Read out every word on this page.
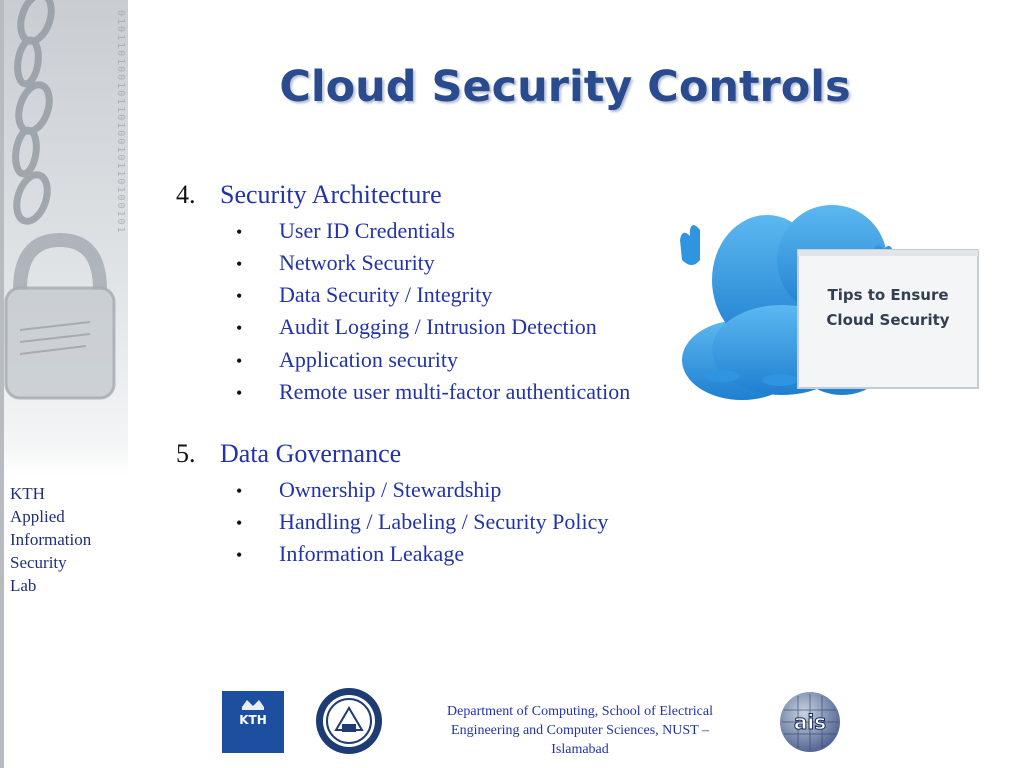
0101101001011010010110100101
KTH
Applied
Information
Security
Lab
Cloud Security Controls
4. Security Architecture
• User ID Credentials
• Network Security
• Data Security / Integrity
• Audit Logging / Intrusion Detection
• Application security
• Remote user multi-factor authentication
5. Data Governance
• Ownership / Stewardship
• Handling / Labeling / Security Policy
• Information Leakage
Tips to Ensure
Cloud Security
KTH	ais
Department of Computing, School of Electrical
Engineering and Computer Sciences, NUST –
Islamabad
